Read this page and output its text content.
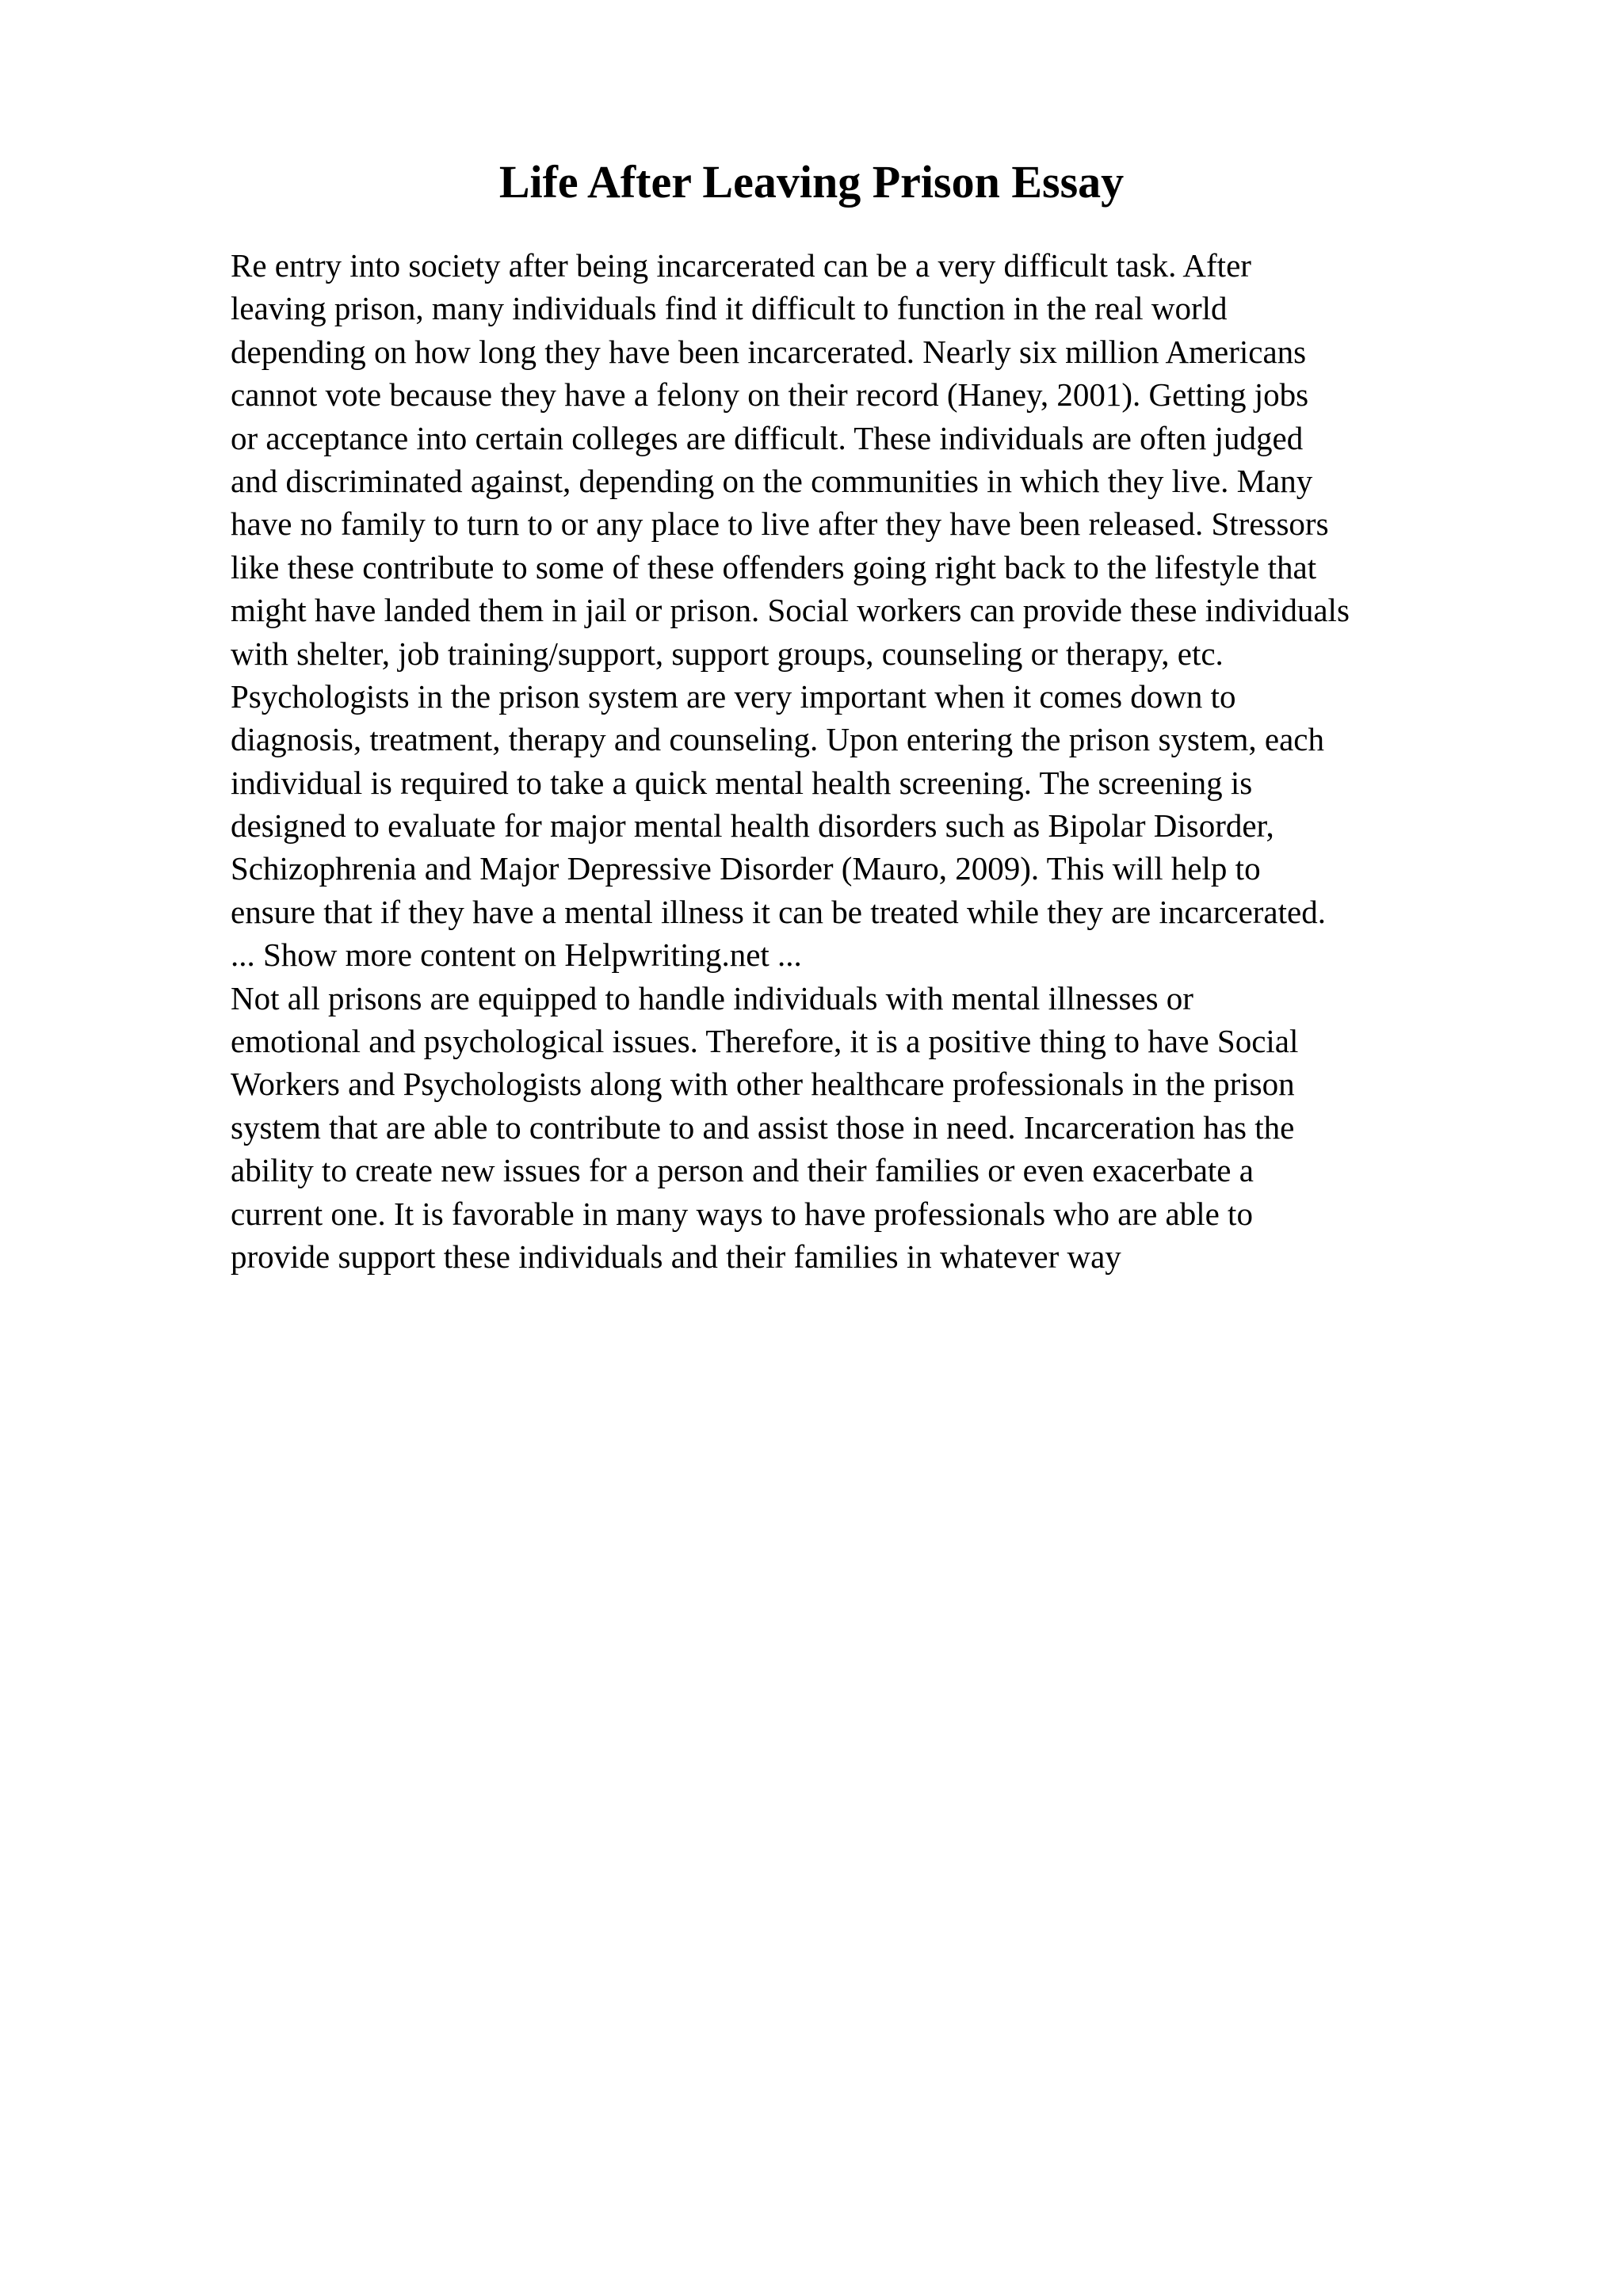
Life After Leaving Prison Essay
Re entry into society after being incarcerated can be a very difficult task. After
leaving prison, many individuals find it difficult to function in the real world
depending on how long they have been incarcerated. Nearly six million Americans
cannot vote because they have a felony on their record (Haney, 2001). Getting jobs
or acceptance into certain colleges are difficult. These individuals are often judged
and discriminated against, depending on the communities in which they live. Many
have no family to turn to or any place to live after they have been released. Stressors
like these contribute to some of these offenders going right back to the lifestyle that
might have landed them in jail or prison. Social workers can provide these individuals
with shelter, job training/support, support groups, counseling or therapy, etc.
Psychologists in the prison system are very important when it comes down to
diagnosis, treatment, therapy and counseling. Upon entering the prison system, each
individual is required to take a quick mental health screening. The screening is
designed to evaluate for major mental health disorders such as Bipolar Disorder,
Schizophrenia and Major Depressive Disorder (Mauro, 2009). This will help to
ensure that if they have a mental illness it can be treated while they are incarcerated.
... Show more content on Helpwriting.net ...
Not all prisons are equipped to handle individuals with mental illnesses or
emotional and psychological issues. Therefore, it is a positive thing to have Social
Workers and Psychologists along with other healthcare professionals in the prison
system that are able to contribute to and assist those in need. Incarceration has the
ability to create new issues for a person and their families or even exacerbate a
current one. It is favorable in many ways to have professionals who are able to
provide support these individuals and their families in whatever way
